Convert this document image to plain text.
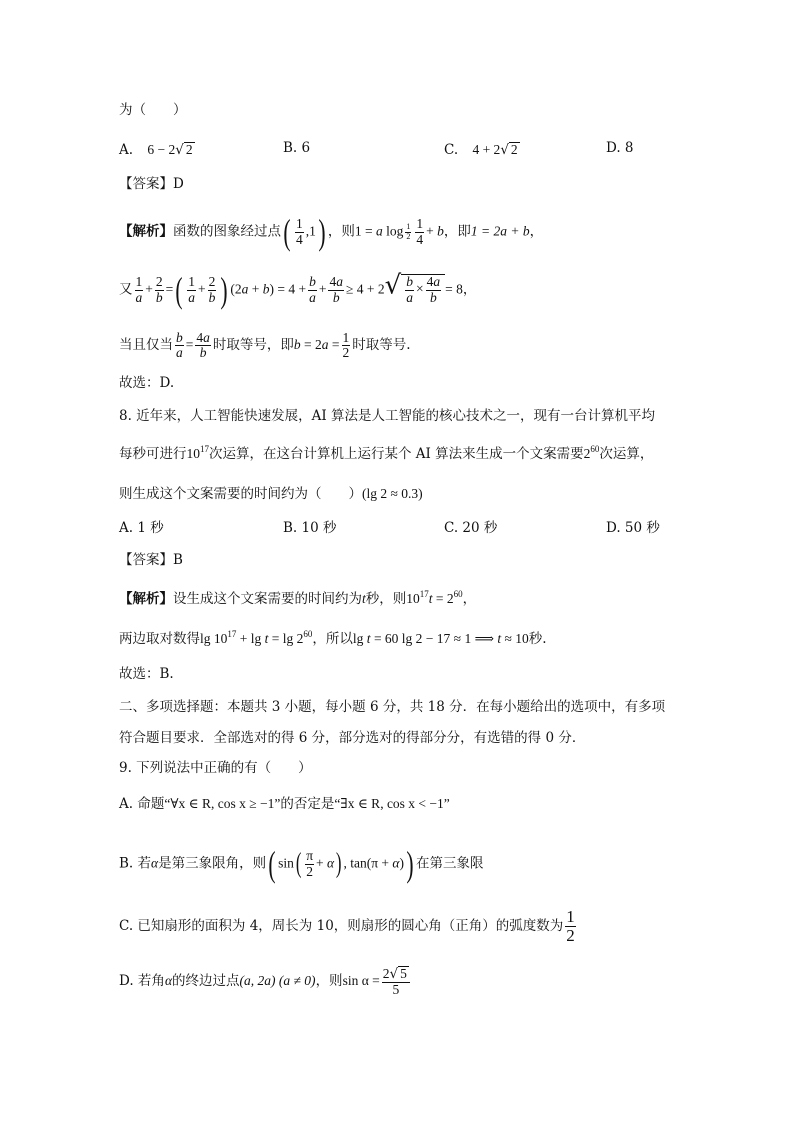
为（　　）
A. 6 − 2√ 2	B. 6	C. 4 + 2√ 2	D. 8
【答案】D
【解析】函数的图象经过点( $\frac{1}{4} ,1$) ，则1 = a $\log \frac{1}{2} \frac{1}{4} + b$，即1 = 2a + b，
又 $\frac{1}{a} + \frac{2}{b}$ =( $\frac{1}{a} + \frac{2}{b}$ ) $(2a + b) = 4 + \frac{b}{a} + \frac{4a}{b} \ge 4 + 2√ \frac{b}{a} \times \frac{4a}{b} = 8$，
当且仅当 $\frac{b}{a} = \frac{4a}{b}$ 时取等号，即$b = 2a = \frac{1}{2}$ 时取等号.
故选：D.
8. 近年来，人工智能快速发展，AI 算法是人工智能的核心技术之一，现有一台计算机平均
每秒可进行$10^{17}$次运算，在这台计算机上运行某个 AI 算法来生成一个文案需要$2^{60}$次运算，
则生成这个文案需要的时间约为（　　）(lg 2 ≈ 0.3)
A. 1 秒	B. 10 秒	C. 20 秒	D. 50 秒
【答案】B
【解析】设生成这个文案需要的时间约为t秒，则$10^{17}t = 2^{60}$，
两边取对数得$\lg 10^{17} + \lg t = \lg 2^{60}$，所以lg t = 60 lg 2 − 17 ≈ 1 ⟹ t ≈ 10秒.
故选：B.
二、多项选择题：本题共 3 小题，每小题 6 分，共 18 分．在每小题给出的选项中，有多项
符合题目要求．全部选对的得 6 分，部分选对的得部分分，有选错的得 0 分．
9. 下列说法中正确的有（　　）
A. 命题“∀x ∈ R, cos x ≥ −1”的否定是“∃x ∈ R, cos x < −1”
B. 若α是第三象限角，则( $\sin( \frac{\pi}{2} + \alpha)$ , tan(π + α)) 在第三象限
C. 已知扇形的面积为 4，周长为 10，则扇形的圆心角（正角）的弧度数为 $\frac{1}{2}$
D. 若角α的终边过点(a, 2a) (a ≠ 0)，则$\sin \alpha = \frac{2√ 5}{5}$
